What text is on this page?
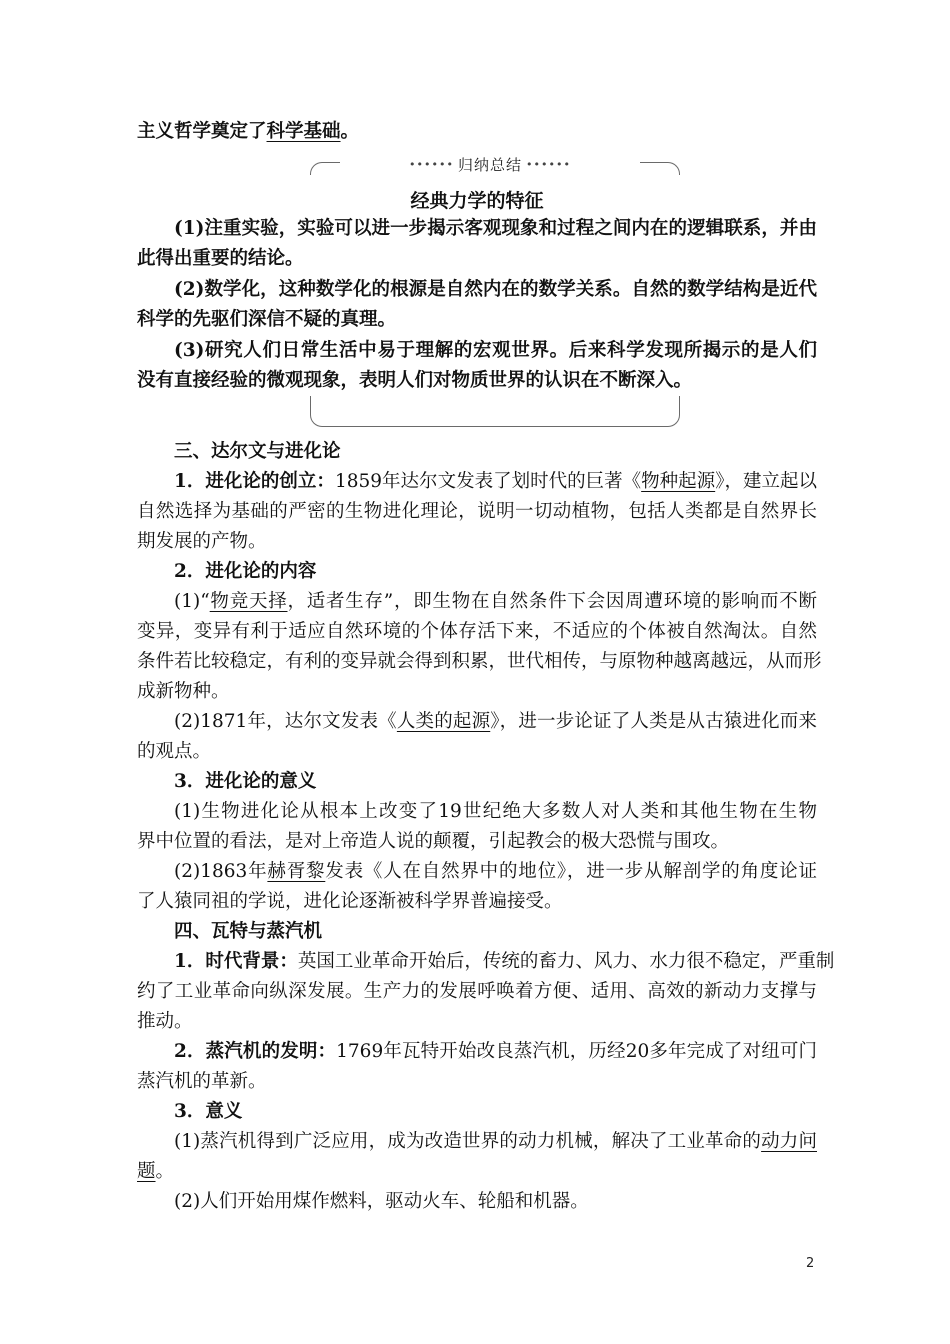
主义哲学奠定了科学基础。
•••••• 归纳总结 ••••••
经典力学的特征
(1)注重实验，实验可以进一步揭示客观现象和过程之间内在的逻辑联系，并由
此得出重要的结论。
(2)数学化，这种数学化的根源是自然内在的数学关系。自然的数学结构是近代
科学的先驱们深信不疑的真理。
(3)研究人们日常生活中易于理解的宏观世界。后来科学发现所揭示的是人们
没有直接经验的微观现象，表明人们对物质世界的认识在不断深入。
三、达尔文与进化论
1．进化论的创立：1859年达尔文发表了划时代的巨著《物种起源》，建立起以
自然选择为基础的严密的生物进化理论，说明一切动植物，包括人类都是自然界长
期发展的产物。
2．进化论的内容
(1)“物竞天择，适者生存”，即生物在自然条件下会因周遭环境的影响而不断
变异，变异有利于适应自然环境的个体存活下来，不适应的个体被自然淘汰。自然
条件若比较稳定，有利的变异就会得到积累，世代相传，与原物种越离越远，从而形
成新物种。
(2)1871年，达尔文发表《人类的起源》，进一步论证了人类是从古猿进化而来
的观点。
3．进化论的意义
(1)生物进化论从根本上改变了19世纪绝大多数人对人类和其他生物在生物
界中位置的看法，是对上帝造人说的颠覆，引起教会的极大恐慌与围攻。
(2)1863年赫胥黎发表《人在自然界中的地位》，进一步从解剖学的角度论证
了人猿同祖的学说，进化论逐渐被科学界普遍接受。
四、瓦特与蒸汽机
1．时代背景：英国工业革命开始后，传统的畜力、风力、水力很不稳定，严重制
约了工业革命向纵深发展。生产力的发展呼唤着方便、适用、高效的新动力支撑与
推动。
2．蒸汽机的发明：1769年瓦特开始改良蒸汽机，历经20多年完成了对纽可门
蒸汽机的革新。
3．意义
(1)蒸汽机得到广泛应用，成为改造世界的动力机械，解决了工业革命的动力问
题。
(2)人们开始用煤作燃料，驱动火车、轮船和机器。
2
